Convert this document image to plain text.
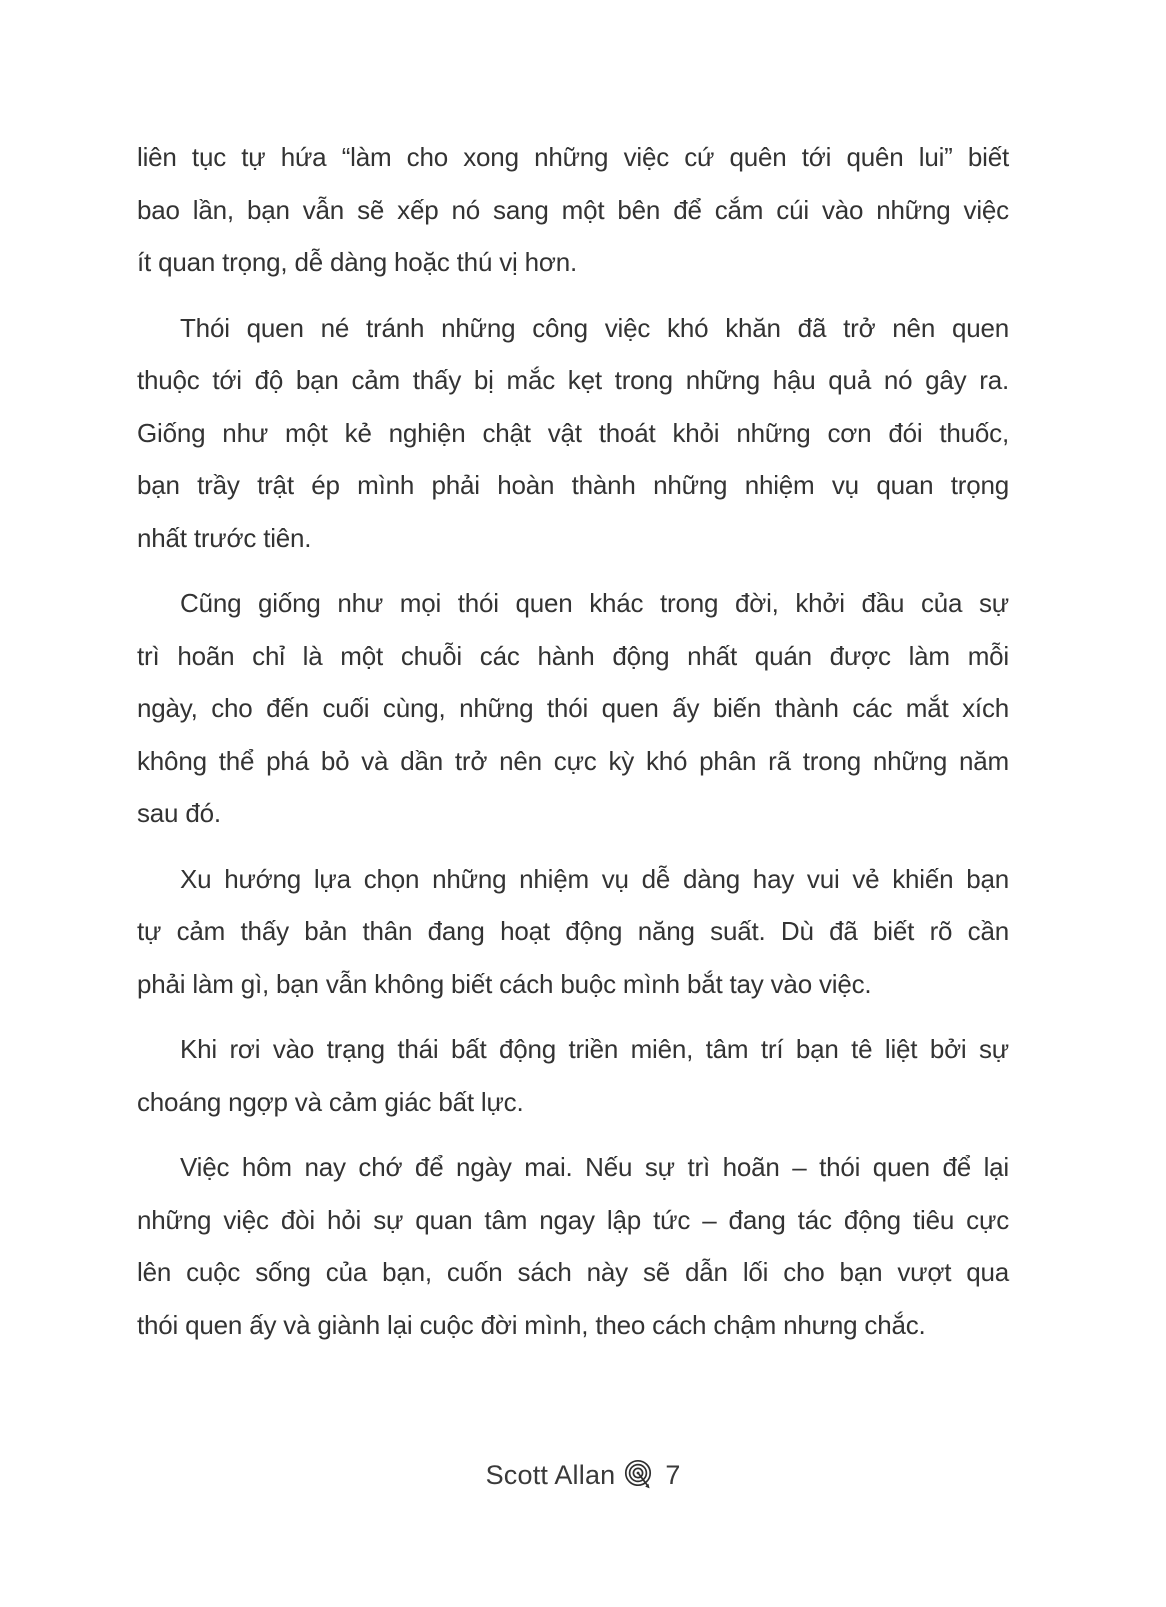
liên tục tự hứa “làm cho xong những việc cứ quên tới quên lui” biết
bao lần, bạn vẫn sẽ xếp nó sang một bên để cắm cúi vào những việc
ít quan trọng, dễ dàng hoặc thú vị hơn.
Thói quen né tránh những công việc khó khăn đã trở nên quen
thuộc tới độ bạn cảm thấy bị mắc kẹt trong những hậu quả nó gây ra.
Giống như một kẻ nghiện chật vật thoát khỏi những cơn đói thuốc,
bạn trầy trật ép mình phải hoàn thành những nhiệm vụ quan trọng
nhất trước tiên.
Cũng giống như mọi thói quen khác trong đời, khởi đầu của sự
trì hoãn chỉ là một chuỗi các hành động nhất quán được làm mỗi
ngày, cho đến cuối cùng, những thói quen ấy biến thành các mắt xích
không thể phá bỏ và dần trở nên cực kỳ khó phân rã trong những năm
sau đó.
Xu hướng lựa chọn những nhiệm vụ dễ dàng hay vui vẻ khiến bạn
tự cảm thấy bản thân đang hoạt động năng suất. Dù đã biết rõ cần
phải làm gì, bạn vẫn không biết cách buộc mình bắt tay vào việc.
Khi rơi vào trạng thái bất động triền miên, tâm trí bạn tê liệt bởi sự
choáng ngợp và cảm giác bất lực.
Việc hôm nay chớ để ngày mai. Nếu sự trì hoãn – thói quen để lại
những việc đòi hỏi sự quan tâm ngay lập tức – đang tác động tiêu cực
lên cuộc sống của bạn, cuốn sách này sẽ dẫn lối cho bạn vượt qua
thói quen ấy và giành lại cuộc đời mình, theo cách chậm nhưng chắc.
Scott Allan 7
